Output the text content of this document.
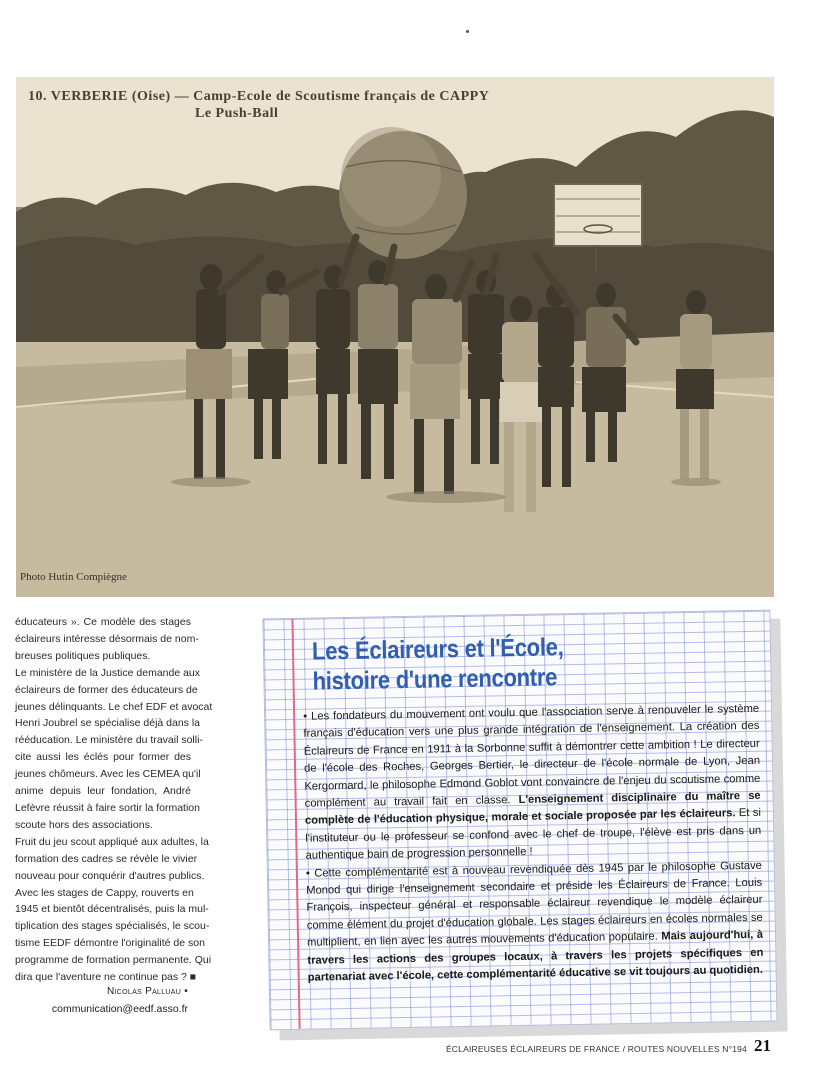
10. VERBERIE (Oise) — Camp-Ecole de Scoutisme français de CAPPY
Le Push-Ball
Photo Hutin Compiègne
éducateurs ». Ce modèle des stages
éclaireurs intéresse désormais de nom-
breuses politiques publiques.
Le ministère de la Justice demande aux
éclaireurs de former des éducateurs de
jeunes délinquants. Le chef EDF et avocat
Henri Joubrel se spécialise déjà dans la
rééducation. Le ministère du travail solli-
cite aussi les éclés pour former des
jeunes chômeurs. Avec les CEMEA qu'il
anime depuis leur fondation, André
Lefèvre réussit à faire sortir la formation
scoute hors des associations.
Fruit du jeu scout appliqué aux adultes, la
formation des cadres se révèle le vivier
nouveau pour conquérir d'autres publics.
Avec les stages de Cappy, rouverts en
1945 et bientôt décentralisés, puis la mul-
tiplication des stages spécialisés, le scou-
tisme EEDF démontre l'originalité de son
programme de formation permanente. Qui
dira que l'aventure ne continue pas ? ■
Nicolas Palluau •
communication@eedf.asso.fr
Les Éclaireurs et l'École,
histoire d'une rencontre

• Les fondateurs du mouvement ont voulu que l'association serve à renouveler le système français d'éducation vers une plus grande intégration de l'enseignement. La création des Éclaireurs de France en 1911 à la Sorbonne suffit à démontrer cette ambition ! Le directeur de l'école des Roches, Georges Bertier, le directeur de l'école normale de Lyon, Jean Kergormard, le philosophe Edmond Goblot vont convaincre de l'enjeu du scoutisme comme complément au travail fait en classe. L'enseignement disciplinaire du maître se complète de l'éducation physique, morale et sociale proposée par les éclaireurs. Et si l'instituteur ou le professeur se confond avec le chef de troupe, l'élève est pris dans un authentique bain de progression personnelle !

• Cette complémentarité est à nouveau revendiquée dès 1945 par le philosophe Gustave Monod qui dirige l'enseignement secondaire et préside les Éclaireurs de France. Louis François, inspecteur général et responsable éclaireur revendique le modèle éclaireur comme élément du projet d'éducation globale. Les stages éclaireurs en écoles normales se multiplient, en lien avec les autres mouvements d'éducation populaire. Mais aujourd'hui, à travers les actions des groupes locaux, à travers les projets spécifiques en partenariat avec l'école, cette complémentarité éducative se vit toujours au quotidien.

ÉCLAIREUSES ÉCLAIREURS DE FRANCE / ROUTES NOUVELLES N°194 21
